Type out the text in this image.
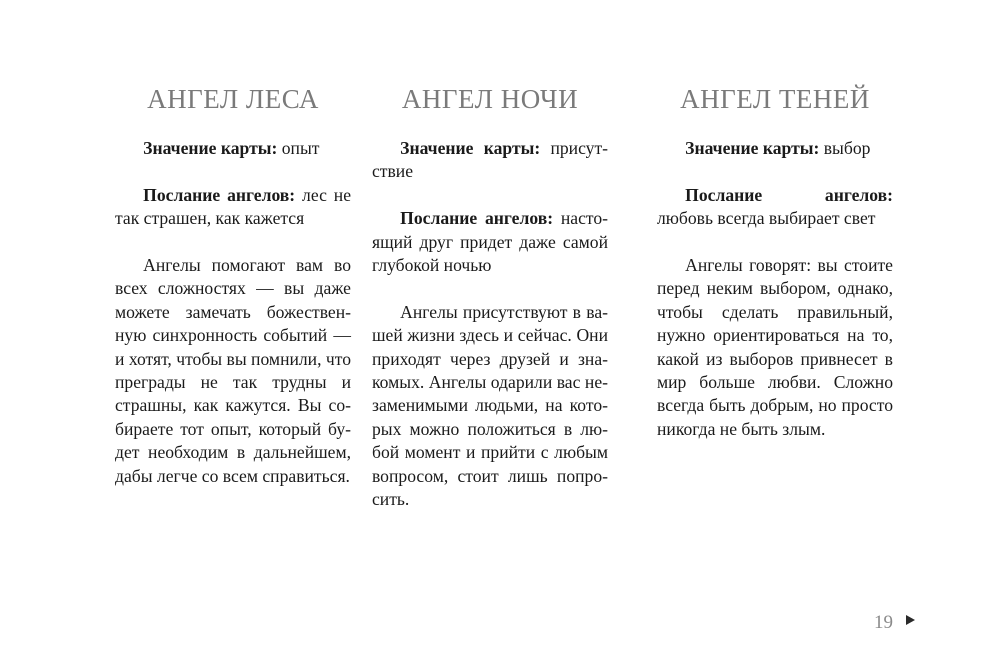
АНГЕЛ ЛЕСА

Значение карты: опыт

Послание ангелов: лес не так страшен, как кажется

Ангелы помогают вам во всех сложностях — вы даже можете замечать божественную синхронность событий — и хотят, чтобы вы помнили, что преграды не так трудны и страшны, как кажутся. Вы собираете тот опыт, который будет необходим в дальнейшем, дабы легче со всем справиться.

АНГЕЛ НОЧИ

Значение карты: присутствие

Послание ангелов: настоящий друг придет даже самой глубокой ночью

Ангелы присутствуют в вашей жизни здесь и сейчас. Они приходят через друзей и знакомых. Ангелы одарили вас незаменимыми людьми, на которых можно положиться в любой момент и прийти с любым вопросом, стоит лишь попросить.

АНГЕЛ ТЕНЕЙ

Значение карты: выбор

Послание ангелов: любовь всегда выбирает свет

Ангелы говорят: вы стоите перед неким выбором, однако, чтобы сделать правильный, нужно ориентироваться на то, какой из выборов привнесет в мир больше любви. Сложно всегда быть добрым, но просто никогда не быть злым.

19
